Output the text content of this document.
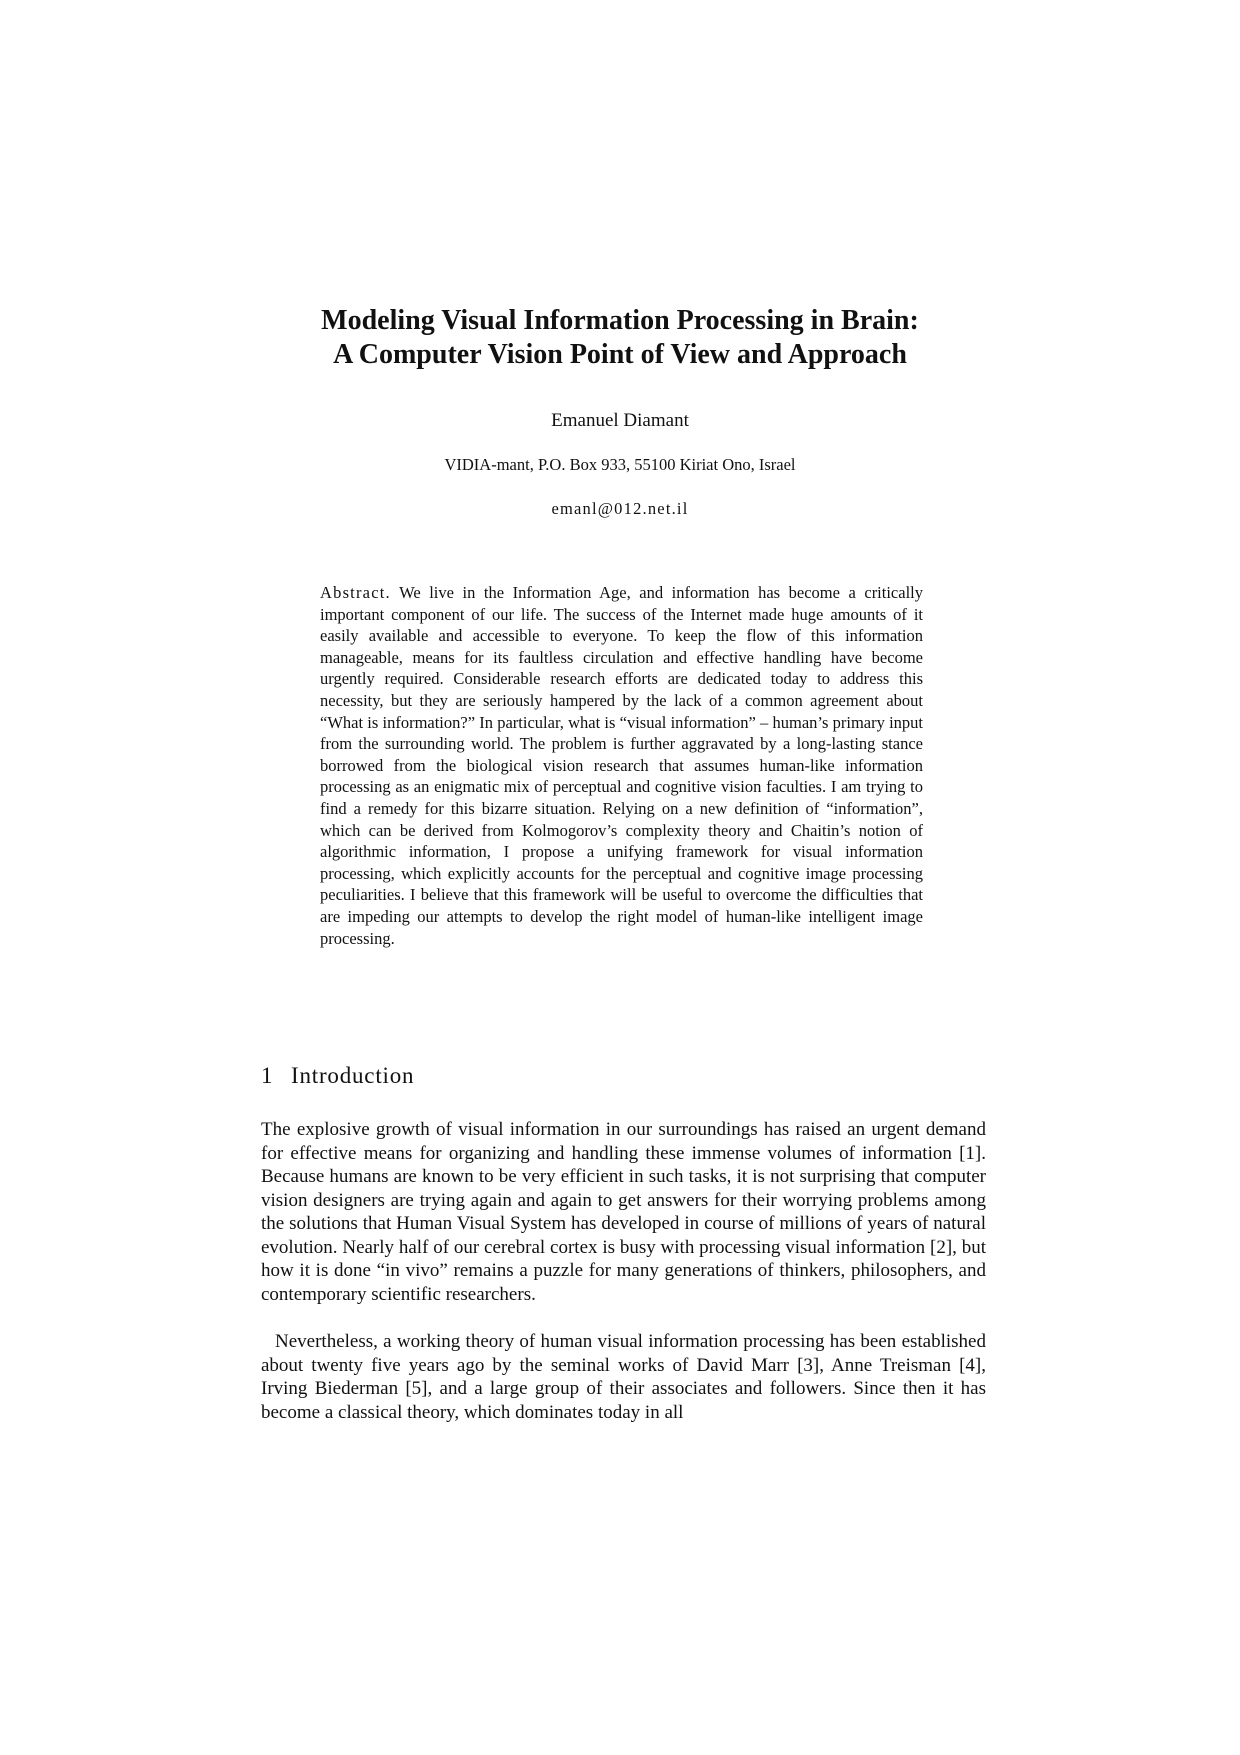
Modeling Visual Information Processing in Brain:
A Computer Vision Point of View and Approach

Emanuel Diamant

VIDIA-mant, P.O. Box 933, 55100 Kiriat Ono, Israel

emanl@012.net.il

Abstract. We live in the Information Age, and information has become a critically important component of our life. The success of the Internet made huge amounts of it easily available and accessible to everyone. To keep the flow of this information manageable, means for its faultless circulation and effective handling have become urgently required. Considerable research efforts are dedicated today to address this necessity, but they are seriously hampered by the lack of a common agreement about “What is information?” In particular, what is “visual information” – human’s primary input from the surrounding world. The problem is further aggravated by a long-lasting stance borrowed from the biological vision research that assumes human-like information processing as an enigmatic mix of perceptual and cognitive vision faculties. I am trying to find a remedy for this bizarre situation. Relying on a new definition of “information”, which can be derived from Kolmogorov’s complexity theory and Chaitin’s notion of algorithmic information, I propose a unifying framework for visual information processing, which explicitly accounts for the perceptual and cognitive image processing peculiarities. I believe that this framework will be useful to overcome the difficulties that are impeding our attempts to develop the right model of human-like intelligent image processing.

1 Introduction

The explosive growth of visual information in our surroundings has raised an urgent demand for effective means for organizing and handling these immense volumes of information [1]. Because humans are known to be very efficient in such tasks, it is not surprising that computer vision designers are trying again and again to get answers for their worrying problems among the solutions that Human Visual System has developed in course of millions of years of natural evolution. Nearly half of our cerebral cortex is busy with processing visual information [2], but how it is done “in vivo” remains a puzzle for many generations of thinkers, philosophers, and contemporary scientific researchers.

Nevertheless, a working theory of human visual information processing has been established about twenty five years ago by the seminal works of David Marr [3], Anne Treisman [4], Irving Biederman [5], and a large group of their associates and followers. Since then it has become a classical theory, which dominates today in all
